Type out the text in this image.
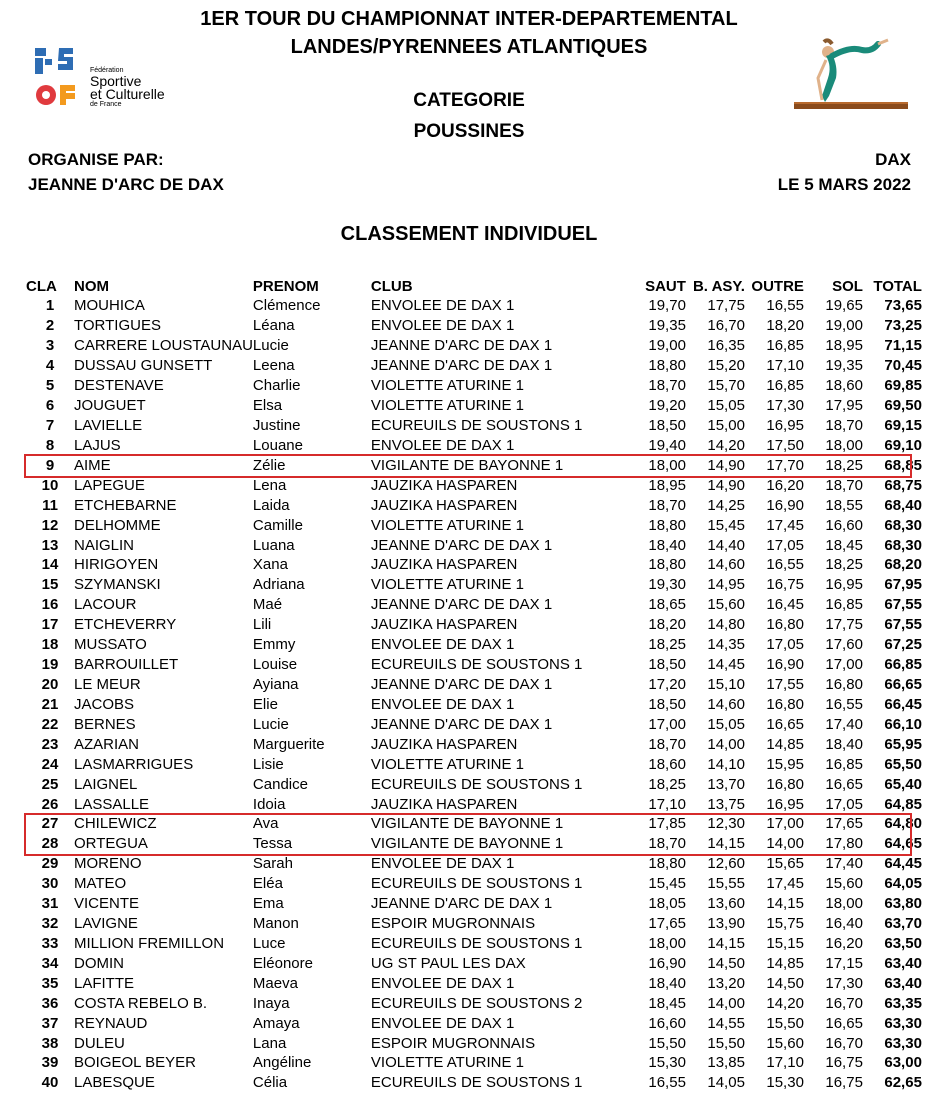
1ER TOUR DU CHAMPIONNAT INTER-DEPARTEMENTAL
LANDES/PYRENNEES ATLANTIQUES
Fédération
Sportive
et Culturelle
de France	CATEGORIE
POUSSINES
ORGANISE PAR:
JEANNE D'ARC DE DAX
DAX
LE 5 MARS 2022
CLASSEMENT INDIVIDUEL
CLA	NOM	PRENOM	CLUB	SAUT	B. ASY.	OUTRE	SOL	TOTAL
1	MOUHICA	Clémence	ENVOLEE DE DAX 1	19,70	17,75	16,55	19,65	73,65
2	TORTIGUES	Léana	ENVOLEE DE DAX 1	19,35	16,70	18,20	19,00	73,25
3	CARRERE LOUSTAUNAU	Lucie	JEANNE D'ARC DE DAX 1	19,00	16,35	16,85	18,95	71,15
4	DUSSAU GUNSETT	Leena	JEANNE D'ARC DE DAX 1	18,80	15,20	17,10	19,35	70,45
5	DESTENAVE	Charlie	VIOLETTE ATURINE 1	18,70	15,70	16,85	18,60	69,85
6	JOUGUET	Elsa	VIOLETTE ATURINE 1	19,20	15,05	17,30	17,95	69,50
7	LAVIELLE	Justine	ECUREUILS DE SOUSTONS 1	18,50	15,00	16,95	18,70	69,15
8	LAJUS	Louane	ENVOLEE DE DAX 1	19,40	14,20	17,50	18,00	69,10
9	AIME	Zélie	VIGILANTE DE BAYONNE 1	18,00	14,90	17,70	18,25	68,85
10	LAPEGUE	Lena	JAUZIKA HASPAREN	18,95	14,90	16,20	18,70	68,75
11	ETCHEBARNE	Laida	JAUZIKA HASPAREN	18,70	14,25	16,90	18,55	68,40
12	DELHOMME	Camille	VIOLETTE ATURINE 1	18,80	15,45	17,45	16,60	68,30
13	NAIGLIN	Luana	JEANNE D'ARC DE DAX 1	18,40	14,40	17,05	18,45	68,30
14	HIRIGOYEN	Xana	JAUZIKA HASPAREN	18,80	14,60	16,55	18,25	68,20
15	SZYMANSKI	Adriana	VIOLETTE ATURINE 1	19,30	14,95	16,75	16,95	67,95
16	LACOUR	Maé	JEANNE D'ARC DE DAX 1	18,65	15,60	16,45	16,85	67,55
17	ETCHEVERRY	Lili	JAUZIKA HASPAREN	18,20	14,80	16,80	17,75	67,55
18	MUSSATO	Emmy	ENVOLEE DE DAX 1	18,25	14,35	17,05	17,60	67,25
19	BARROUILLET	Louise	ECUREUILS DE SOUSTONS 1	18,50	14,45	16,90	17,00	66,85
20	LE MEUR	Ayiana	JEANNE D'ARC DE DAX 1	17,20	15,10	17,55	16,80	66,65
21	JACOBS	Elie	ENVOLEE DE DAX 1	18,50	14,60	16,80	16,55	66,45
22	BERNES	Lucie	JEANNE D'ARC DE DAX 1	17,00	15,05	16,65	17,40	66,10
23	AZARIAN	Marguerite	JAUZIKA HASPAREN	18,70	14,00	14,85	18,40	65,95
24	LASMARRIGUES	Lisie	VIOLETTE ATURINE 1	18,60	14,10	15,95	16,85	65,50
25	LAIGNEL	Candice	ECUREUILS DE SOUSTONS 1	18,25	13,70	16,80	16,65	65,40
26	LASSALLE	Idoia	JAUZIKA HASPAREN	17,10	13,75	16,95	17,05	64,85
27	CHILEWICZ	Ava	VIGILANTE DE BAYONNE 1	17,85	12,30	17,00	17,65	64,80
28	ORTEGUA	Tessa	VIGILANTE DE BAYONNE 1	18,70	14,15	14,00	17,80	64,65
29	MORENO	Sarah	ENVOLEE DE DAX 1	18,80	12,60	15,65	17,40	64,45
30	MATEO	Eléa	ECUREUILS DE SOUSTONS 1	15,45	15,55	17,45	15,60	64,05
31	VICENTE	Ema	JEANNE D'ARC DE DAX 1	18,05	13,60	14,15	18,00	63,80
32	LAVIGNE	Manon	ESPOIR MUGRONNAIS	17,65	13,90	15,75	16,40	63,70
33	MILLION FREMILLON	Luce	ECUREUILS DE SOUSTONS 1	18,00	14,15	15,15	16,20	63,50
34	DOMIN	Eléonore	UG ST PAUL LES DAX	16,90	14,50	14,85	17,15	63,40
35	LAFITTE	Maeva	ENVOLEE DE DAX 1	18,40	13,20	14,50	17,30	63,40
36	COSTA REBELO B.	Inaya	ECUREUILS DE SOUSTONS 2	18,45	14,00	14,20	16,70	63,35
37	REYNAUD	Amaya	ENVOLEE DE DAX 1	16,60	14,55	15,50	16,65	63,30
38	DULEU	Lana	ESPOIR MUGRONNAIS	15,50	15,50	15,60	16,70	63,30
39	BOIGEOL BEYER	Angéline	VIOLETTE ATURINE 1	15,30	13,85	17,10	16,75	63,00
40	LABESQUE	Célia	ECUREUILS DE SOUSTONS 1	16,55	14,05	15,30	16,75	62,65
